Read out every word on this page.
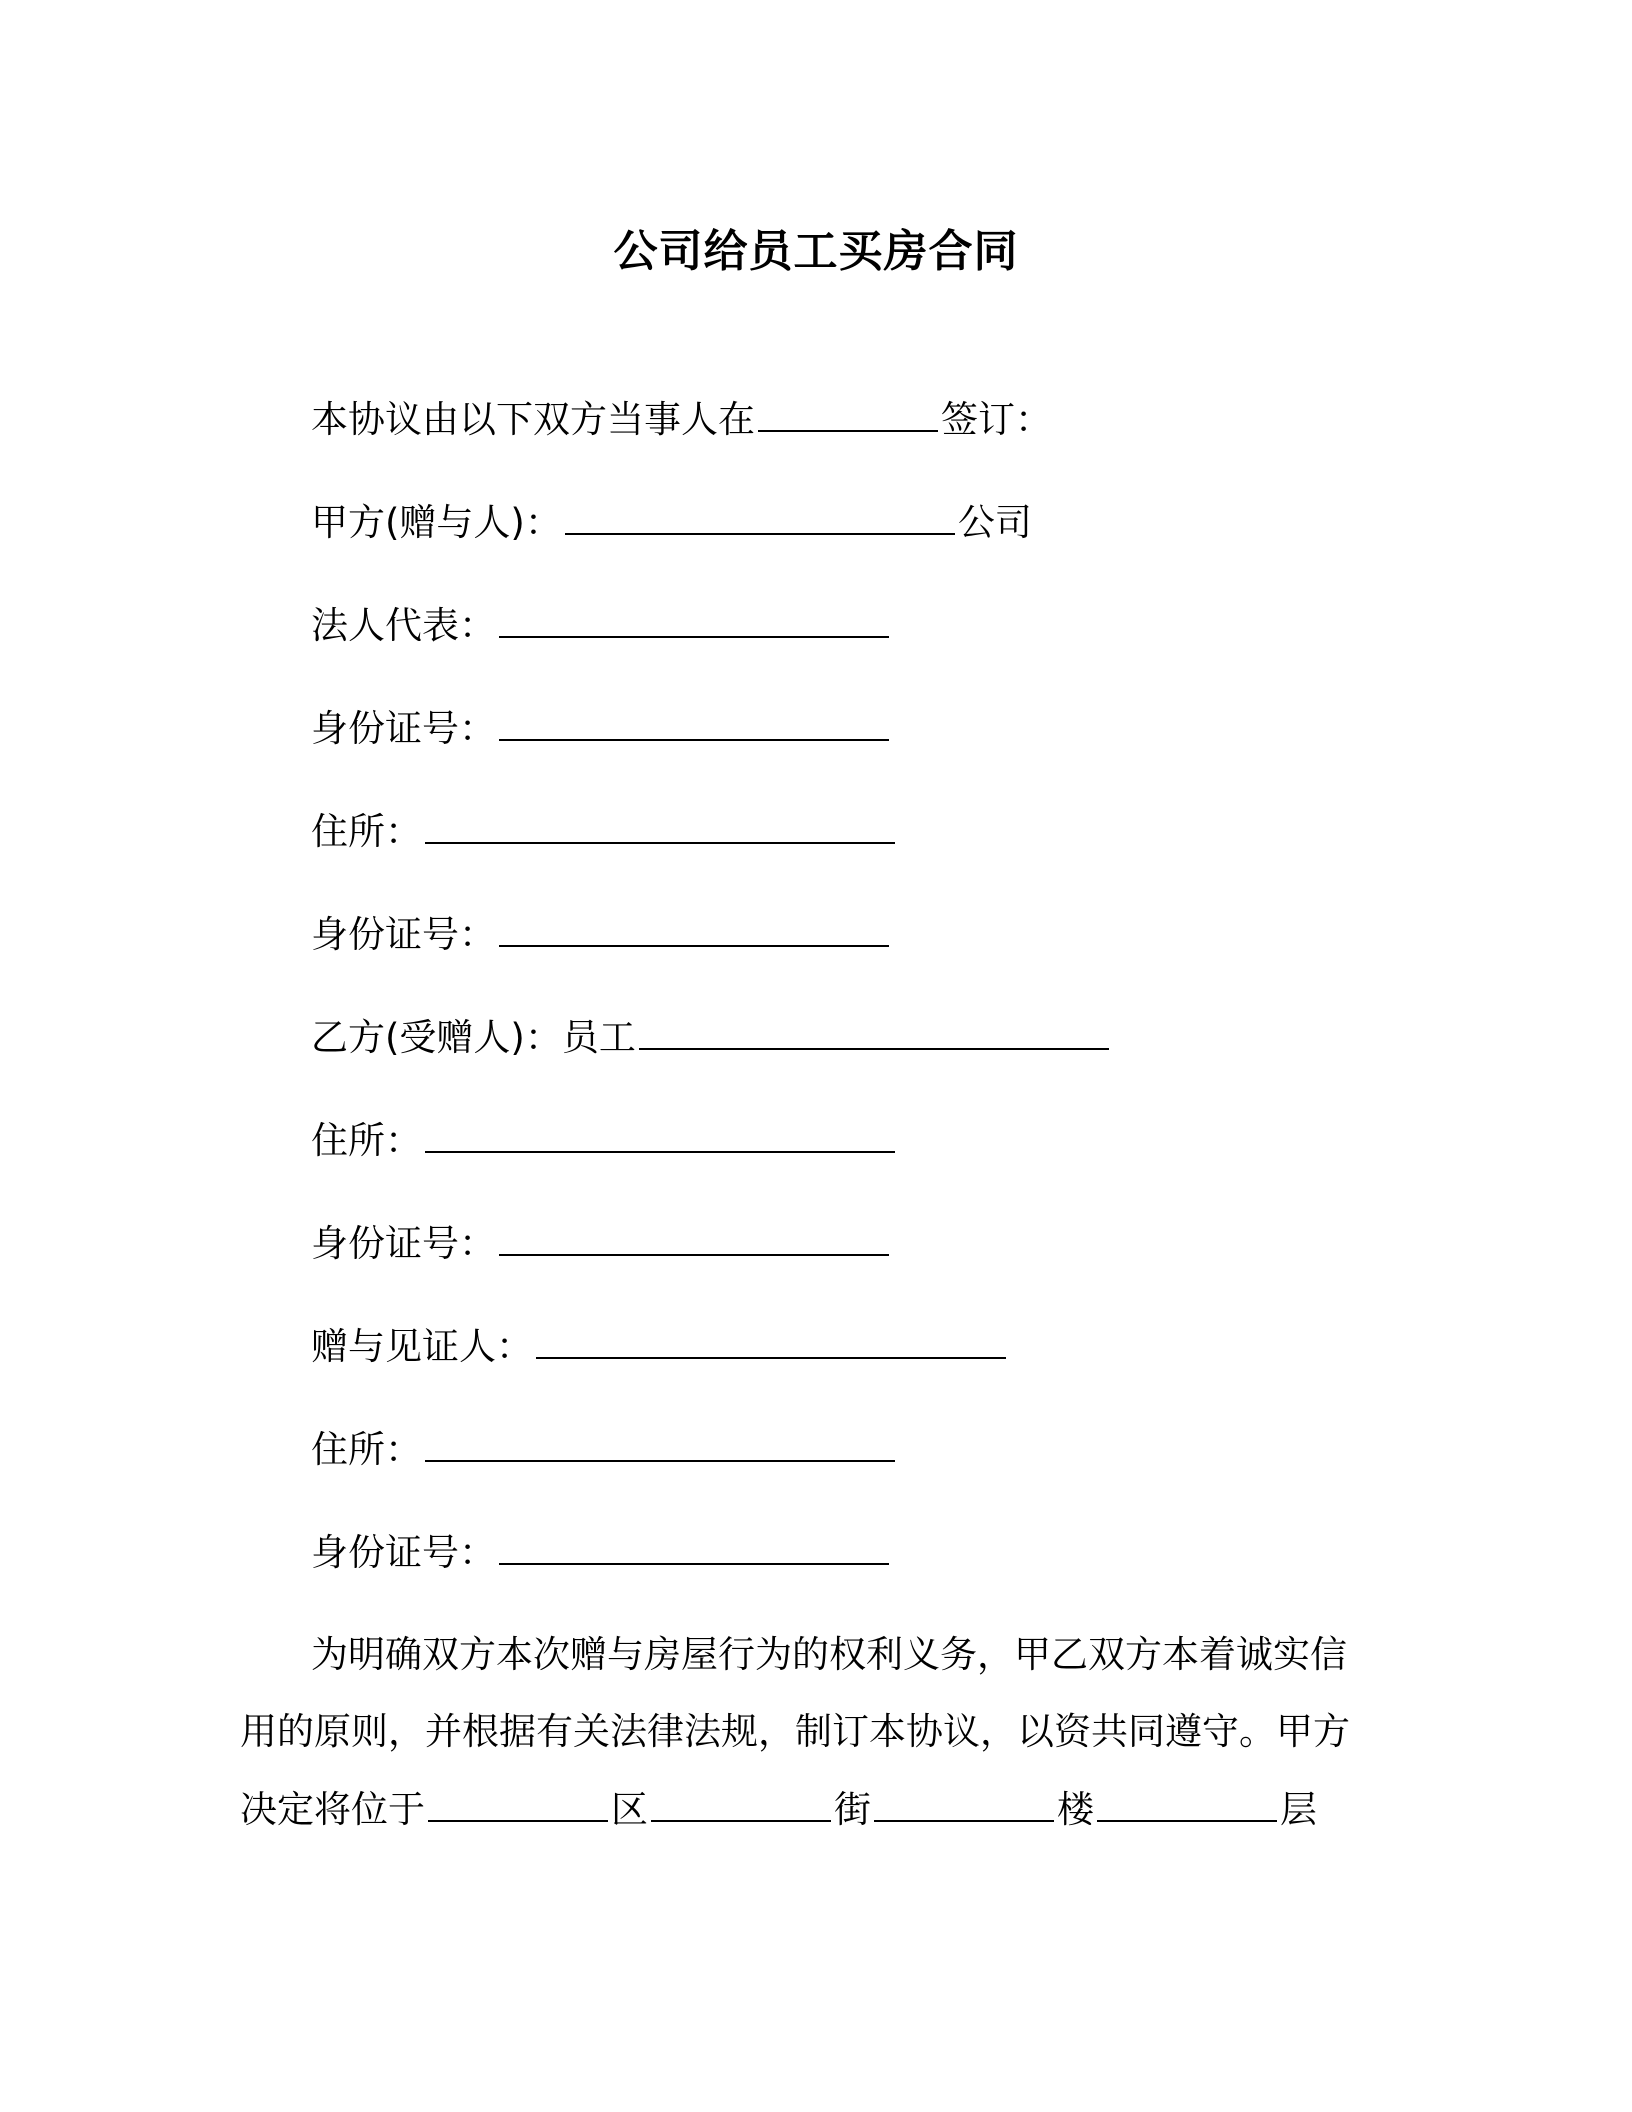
公司给员工买房合同
本协议由以下双方当事人在	签订：
甲方(赠与人)：	公司
法人代表：
身份证号：
住所：
身份证号：
乙方(受赠人)：员工
住所：
身份证号：
赠与见证人：
住所：
身份证号：
为明确双方本次赠与房屋行为的权利义务，甲乙双方本着诚实信
用的原则，并根据有关法律法规，制订本协议，以资共同遵守。甲方
决定将位于	区	街	楼	层
